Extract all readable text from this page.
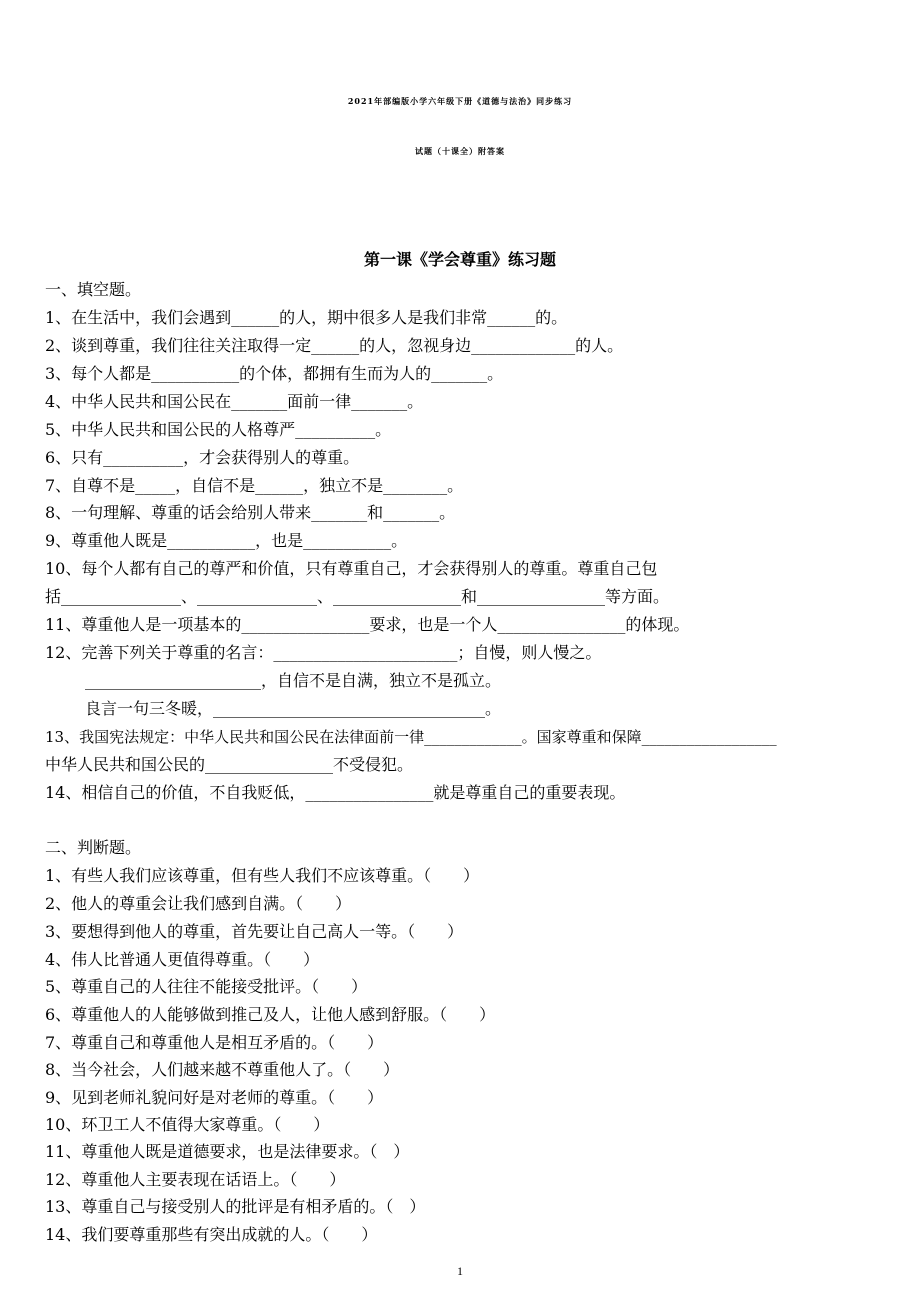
2021年部编版小学六年级下册《道德与法治》同步练习
试题（十课全）附答案
第一课《学会尊重》练习题
一、填空题。
1、在生活中，我们会遇到______的人，期中很多人是我们非常______的。
2、谈到尊重，我们往往关注取得一定______的人，忽视身边_____________的人。
3、每个人都是___________的个体，都拥有生而为人的_______。
4、中华人民共和国公民在_______面前一律_______。
5、中华人民共和国公民的人格尊严__________。
6、只有__________，才会获得别人的尊重。
7、自尊不是_____，自信不是______，独立不是________。
8、一句理解、尊重的话会给别人带来_______和_______。
9、尊重他人既是___________，也是___________。
10、每个人都有自己的尊严和价值，只有尊重自己，才会获得别人的尊重。尊重自己包
括_______________、_______________、________________和________________等方面。
11、尊重他人是一项基本的________________要求，也是一个人________________的体现。
12、完善下列关于尊重的名言：_______________________；自慢，则人慢之。
______________________，自信不是自满，独立不是孤立。
良言一句三冬暖，__________________________________。
13、我国宪法规定：中华人民共和国公民在法律面前一律_____________。国家尊重和保障__________________
中华人民共和国公民的________________不受侵犯。
14、相信自己的价值，不自我贬低，________________就是尊重自己的重要表现。
二、判断题。
1、有些人我们应该尊重，但有些人我们不应该尊重。（　　）
2、他人的尊重会让我们感到自满。（　　）
3、要想得到他人的尊重，首先要让自己高人一等。（　　）
4、伟人比普通人更值得尊重。（　　）
5、尊重自己的人往往不能接受批评。（　　）
6、尊重他人的人能够做到推己及人，让他人感到舒服。（　　）
7、尊重自己和尊重他人是相互矛盾的。（　　）
8、当今社会，人们越来越不尊重他人了。（　　）
9、见到老师礼貌问好是对老师的尊重。（　　）
10、环卫工人不值得大家尊重。（　　）
11、尊重他人既是道德要求，也是法律要求。（　）
12、尊重他人主要表现在话语上。（　　）
13、尊重自己与接受别人的批评是有相矛盾的。（　）
14、我们要尊重那些有突出成就的人。（　　）
1
